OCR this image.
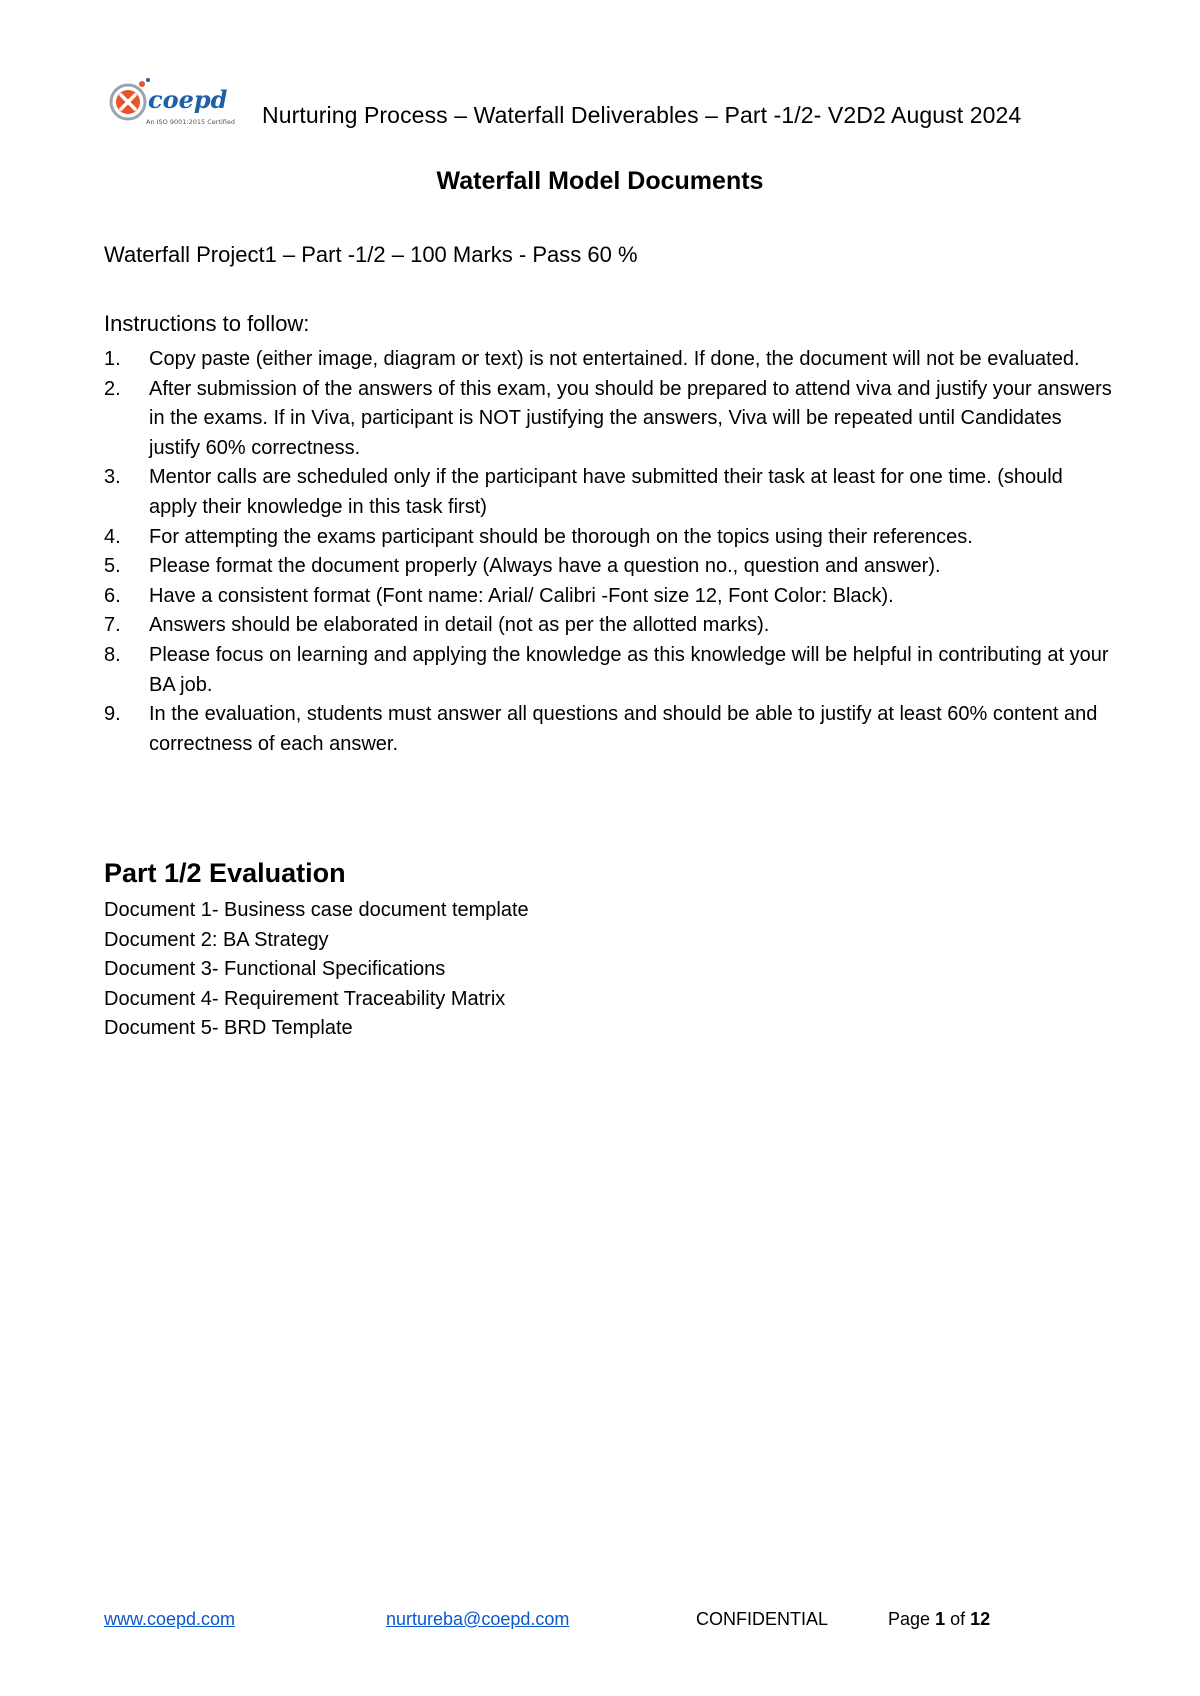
coepd
An ISO 9001:2015 Certified Nurturing Process – Waterfall Deliverables – Part -1/2- V2D2 August 2024
Waterfall Model Documents
Waterfall Project1 – Part -1/2 – 100 Marks - Pass 60 %
Instructions to follow:
1.	Copy paste (either image, diagram or text) is not entertained. If done, the document will not be evaluated.
2.	After submission of the answers of this exam, you should be prepared to attend viva and justify your answers in the exams. If in Viva, participant is NOT justifying the answers, Viva will be repeated until Candidates justify 60% correctness.
3.	Mentor calls are scheduled only if the participant have submitted their task at least for one time. (should apply their knowledge in this task first)
4.	For attempting the exams participant should be thorough on the topics using their references.
5.	Please format the document properly (Always have a question no., question and answer).
6.	Have a consistent format (Font name: Arial/ Calibri -Font size 12, Font Color: Black).
7.	Answers should be elaborated in detail (not as per the allotted marks).
8.	Please focus on learning and applying the knowledge as this knowledge will be helpful in contributing at your BA job.
9.	In the evaluation, students must answer all questions and should be able to justify at least 60% content and correctness of each answer.
Part 1/2 Evaluation
Document 1- Business case document template
Document 2: BA Strategy
Document 3- Functional Specifications
Document 4- Requirement Traceability Matrix
Document 5- BRD Template
www.coepd.com	nurtureba@coepd.com	CONFIDENTIAL	Page 1 of 12
